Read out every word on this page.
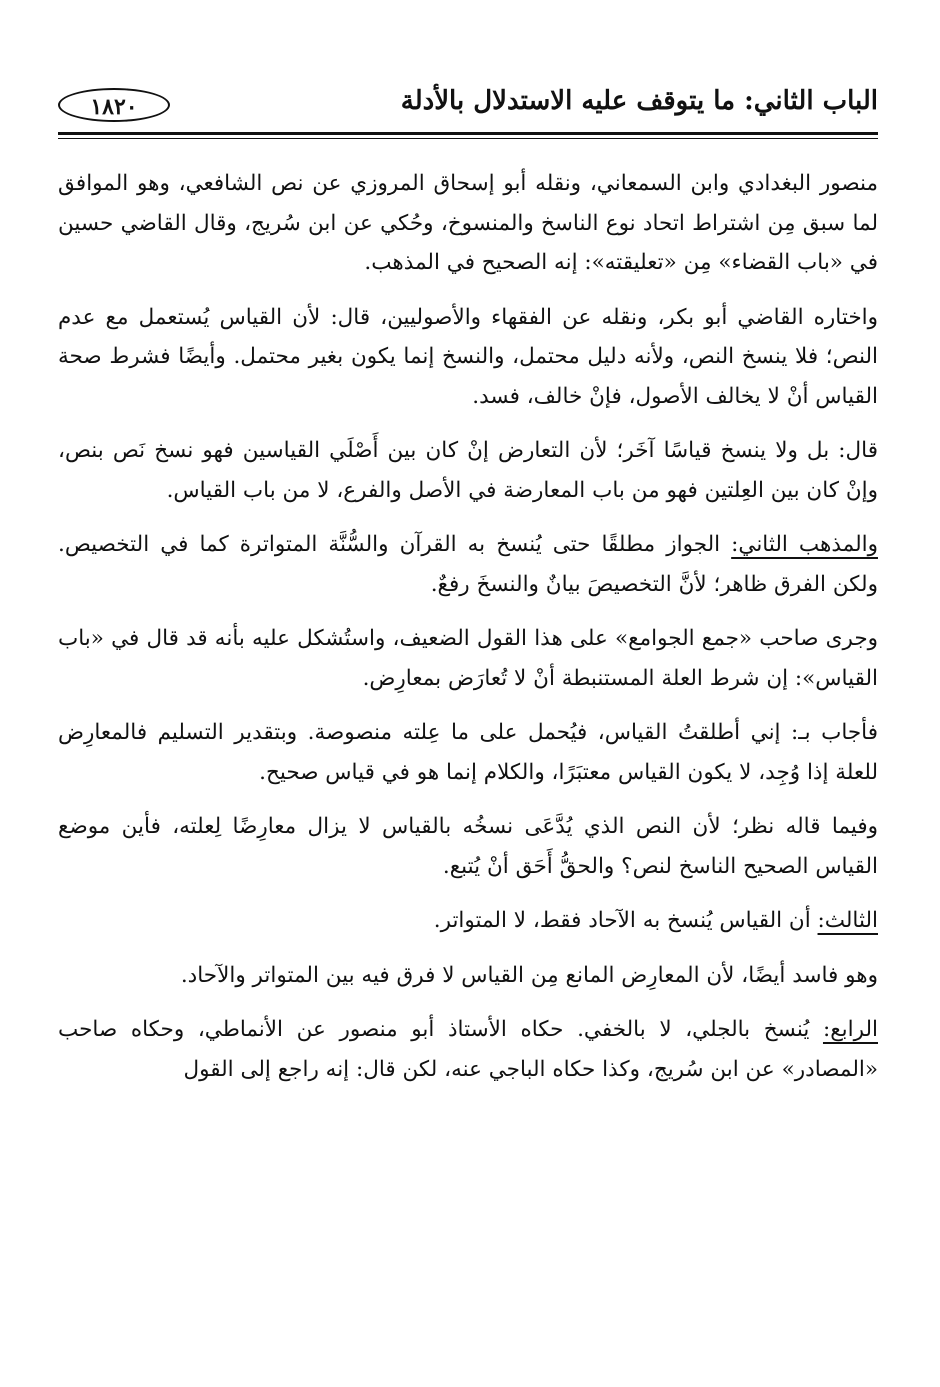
الباب الثاني: ما يتوقف عليه الاستدلال بالأدلة
١٨٢٠

منصور البغدادي وابن السمعاني، ونقله أبو إسحاق المروزي عن نص الشافعي، وهو الموافق لما سبق مِن اشتراط اتحاد نوع الناسخ والمنسوخ، وحُكي عن ابن سُريج، وقال القاضي حسين في «باب القضاء» مِن «تعليقته»: إنه الصحيح في المذهب.

واختاره القاضي أبو بكر، ونقله عن الفقهاء والأصوليين، قال: لأن القياس يُستعمل مع عدم النص؛ فلا ينسخ النص، ولأنه دليل محتمل، والنسخ إنما يكون بغير محتمل. وأيضًا فشرط صحة القياس أنْ لا يخالف الأصول، فإنْ خالف، فسد.

قال: بل ولا ينسخ قياسًا آخَر؛ لأن التعارض إنْ كان بين أَصْلَي القياسين فهو نسخ نَص بنص، وإنْ كان بين العِلتين فهو من باب المعارضة في الأصل والفرع، لا من باب القياس.

والمذهب الثاني: الجواز مطلقًا حتى يُنسخ به القرآن والسُّنَّة المتواترة كما في التخصيص. ولكن الفرق ظاهر؛ لأنَّ التخصيصَ بيانٌ والنسخَ رفعٌ.

وجرى صاحب «جمع الجوامع» على هذا القول الضعيف، واستُشكل عليه بأنه قد قال في «باب القياس»: إن شرط العلة المستنبطة أنْ لا تُعارَض بمعارِض.

فأجاب بـ: إني أطلقتُ القياس، فيُحمل على ما عِلته منصوصة. وبتقدير التسليم فالمعارِض للعلة إذا وُجِد، لا يكون القياس معتبَرًا، والكلام إنما هو في قياس صحيح.

وفيما قاله نظر؛ لأن النص الذي يُدَّعَى نسخُه بالقياس لا يزال معارِضًا لِعلته، فأين موضع القياس الصحيح الناسخ لنص؟ والحقُّ أَحَق أنْ يُتبع.

الثالث: أن القياس يُنسخ به الآحاد فقط، لا المتواتر.

وهو فاسد أيضًا، لأن المعارِض المانع مِن القياس لا فرق فيه بين المتواتر والآحاد.

الرابع: يُنسخ بالجلي، لا بالخفي. حكاه الأستاذ أبو منصور عن الأنماطي، وحكاه صاحب «المصادر» عن ابن سُريج، وكذا حكاه الباجي عنه، لكن قال: إنه راجع إلى القول
